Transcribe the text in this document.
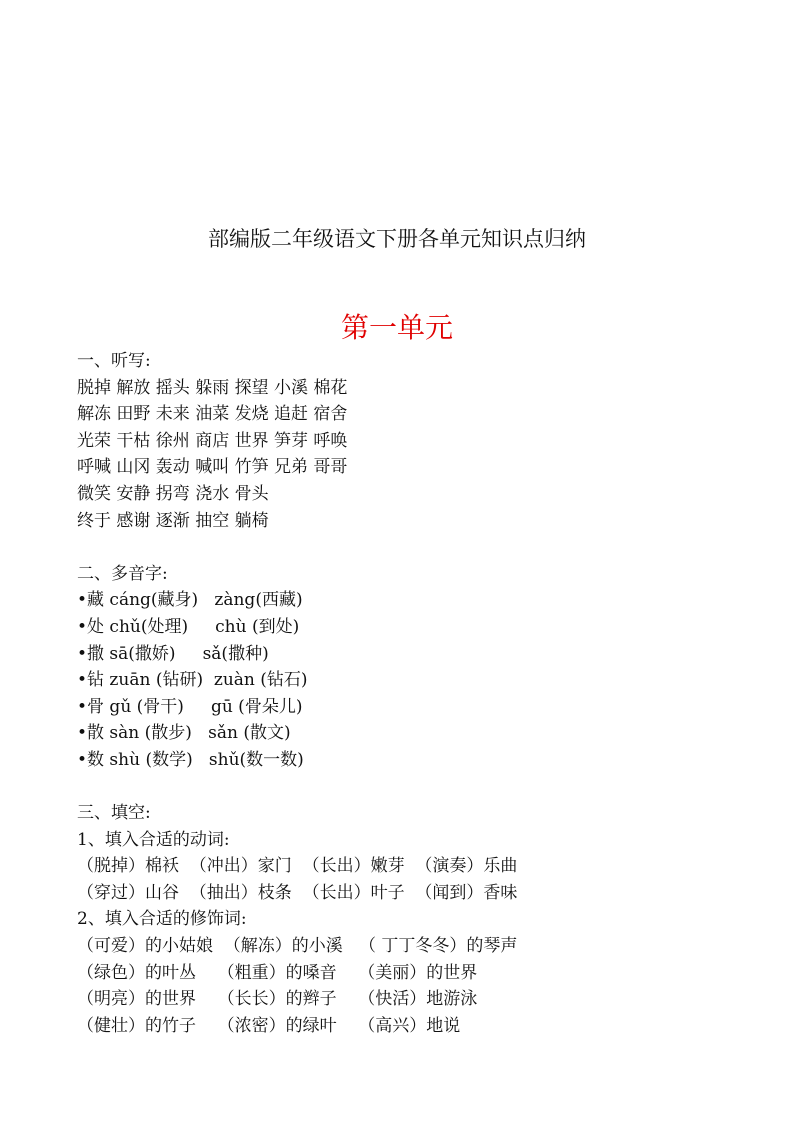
部编版二年级语文下册各单元知识点归纳
第一单元
一、听写:
脱掉 解放 摇头 躲雨 探望 小溪 棉花
解冻 田野 未来 油菜 发烧 追赶 宿舍
光荣 干枯 徐州 商店 世界 笋芽 呼唤
呼喊 山冈 轰动 喊叫 竹笋 兄弟 哥哥
微笑 安静 拐弯 浇水 骨头
终于 感谢 逐渐 抽空 躺椅
二、多音字:
•藏 cáng(藏身)   zàng(西藏)
•处 chǔ(处理)     chù (到处)
•撒 sā(撒娇)     sǎ(撒种)
•钻 zuān (钻研)  zuàn (钻石)
•骨 gǔ (骨干)     gū (骨朵儿)
•散 sàn (散步)   sǎn (散文)
•数 shù (数学)   shǔ(数一数)
三、填空:
1、填入合适的动词:
（脱掉）棉袄  （冲出）家门  （长出）嫩芽  （演奏）乐曲
（穿过）山谷  （抽出）枝条  （长出）叶子  （闻到）香味
2、填入合适的修饰词:
（可爱）的小姑娘  （解冻）的小溪   （ 丁丁冬冬）的琴声
（绿色）的叶丛    （粗重）的嗓音    （美丽）的世界
（明亮）的世界    （长长）的辫子    （快活）地游泳
（健壮）的竹子    （浓密）的绿叶    （高兴）地说
